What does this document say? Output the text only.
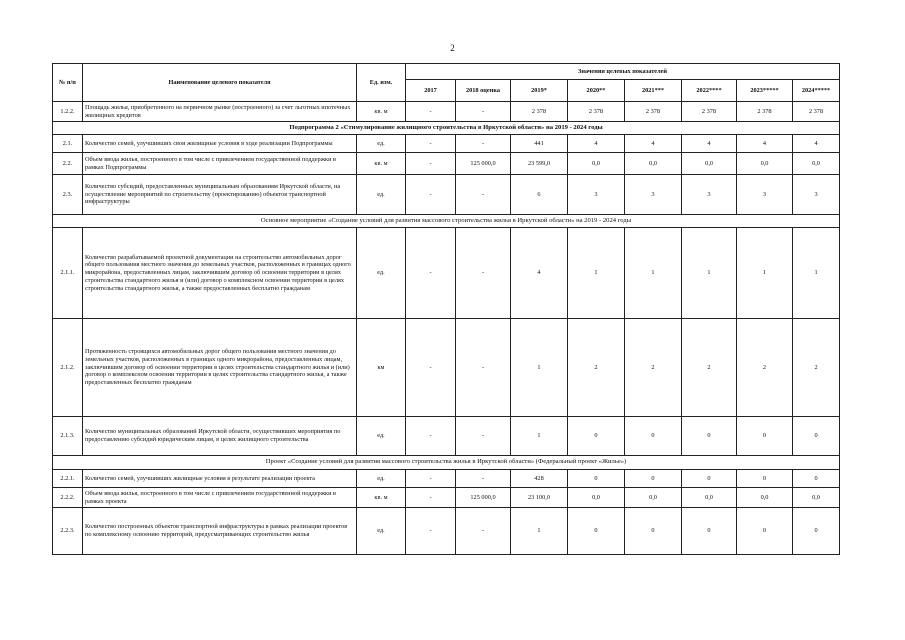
2
№ п/п	Наименование целевого показателя	Ед. изм.	Значения целевых показателей							
			2017	2018 оценка	2019*	2020**	2021***	2022****	2023*****	2024*****
1.2.2.	Площадь жилья, приобретенного на первичном рынке (построенного) за счет льготных ипотечных жилищных кредитов	кв. м	-	-	2 378	2 378	2 378	2 378	2 378	2 378
Подпрограмма 2 «Стимулирование жилищного строительства в Иркутской области» на 2019 - 2024 годы										
2.1.	Количество семей, улучшивших свои жилищные условия в ходе реализации Подпрограммы	ед.	-	-	441	4	4	4	4	4
2.2.	Объем ввода жилья, построенного в том числе с привлечением государственной поддержки в рамках Подпрограммы	кв. м	-	125 000,0	23 599,0	0,0	0,0	0,0	0,0	0,0
2.3.	Количество субсидий, предоставленных муниципальным образованиям Иркутской области, на осуществление мероприятий по строительству (проектированию) объектов транспортной инфраструктуры	ед.	-	-	6	3	3	3	3	3
Основное мероприятие «Создание условий для развития массового строительства жилья в Иркутской области» на 2019 - 2024 годы										
2.1.1.	Количество разрабатываемой проектной документации на строительство автомобильных дорог общего пользования местного значения до земельных участков, расположенных в границах одного микрорайона, предоставленных лицам, заключившим договор об освоении территории в целях строительства стандартного жилья и (или) договор о комплексном освоении территории в целях строительства стандартного жилья, а также предоставленных бесплатно гражданам	ед.	-	-	4	1	1	1	1	1
2.1.2.	Протяженность строящихся автомобильных дорог общего пользования местного значения до земельных участков, расположенных в границах одного микрорайона, предоставленных лицам, заключившим договор об освоении территории в целях строительства стандартного жилья и (или) договор о комплексном освоении территории в целях строительства стандартного жилья, а также предоставленных бесплатно гражданам	км	-	-	1	2	2	2	2	2
2.1.3.	Количество муниципальных образований Иркутской области, осуществивших мероприятия по предоставлению субсидий юридическим лицам, в целях жилищного строительства	ед.	-	-	1	0	0	0	0	0
Проект «Создание условий для развития массового строительства жилья в Иркутской области» (Федеральный проект «Жилье»)										
2.2.1.	Количество семей, улучшивших жилищные условия в результате реализации проекта	ед.	-	-	428	0	0	0	0	0
2.2.2.	Объем ввода жилья, построенного в том числе с привлечением государственной поддержки в рамках проекта	кв. м	-	125 000,0	23 100,0	0,0	0,0	0,0	0,0	0,0
2.2.3.	Количество построенных объектов транспортной инфраструктуры в рамках реализации проектов по комплексному освоению территорий, предусматривающих строительство жилья	ед.	-	-	1	0	0	0	0	0
